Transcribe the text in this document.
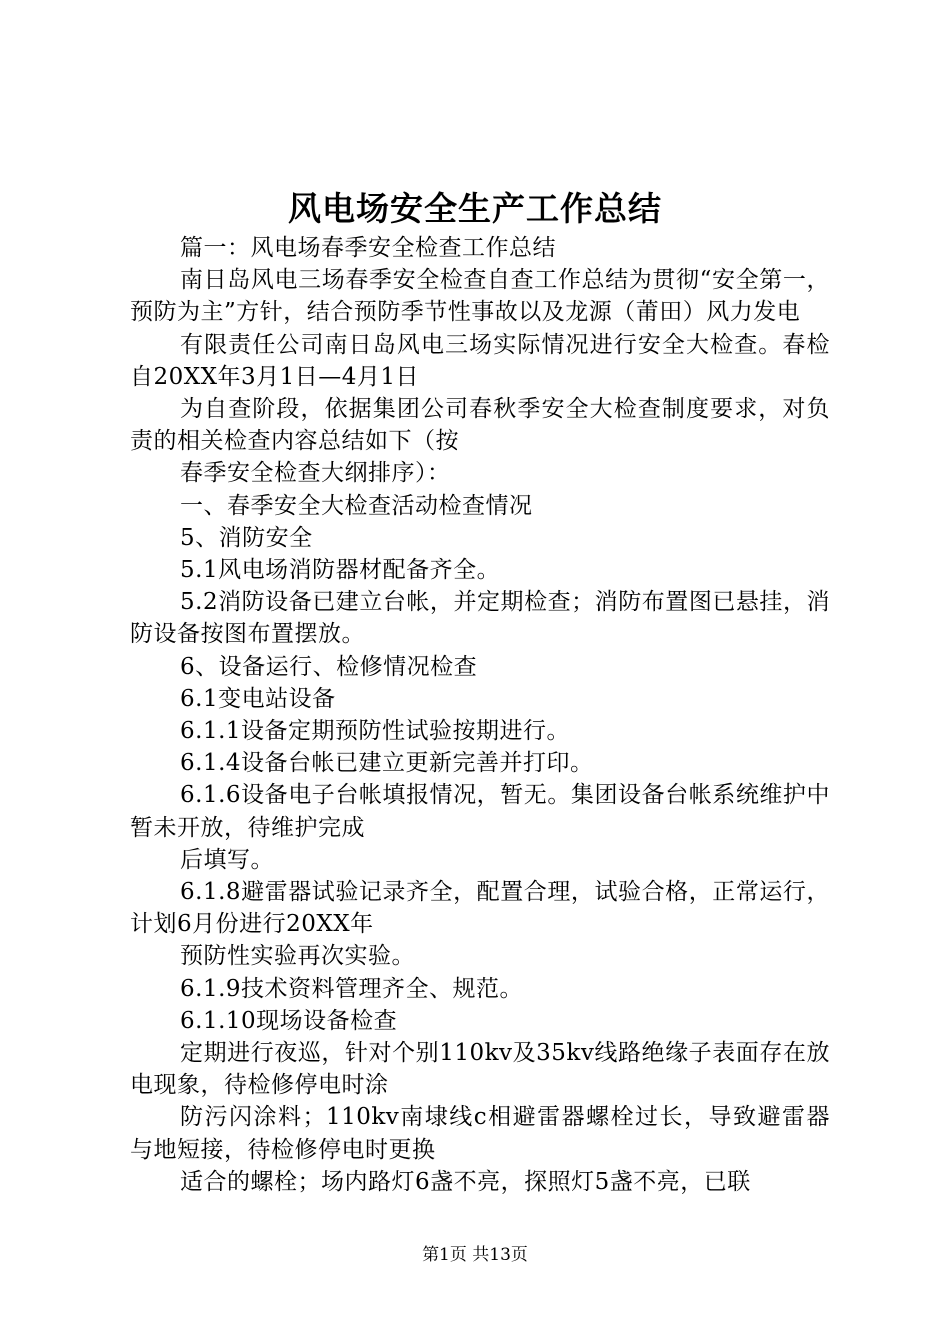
风电场安全生产工作总结

篇一：风电场春季安全检查工作总结

南日岛风电三场春季安全检查自查工作总结为贯彻“安全第一，预防为主”方针，结合预防季节性事故以及龙源（莆田）风力发电

有限责任公司南日岛风电三场实际情况进行安全大检查。春检自20XX年3月1日—4月1日

为自查阶段，依据集团公司春秋季安全大检查制度要求，对负责的相关检查内容总结如下（按

春季安全检查大纲排序）：

一、春季安全大检查活动检查情况

5、消防安全

5.1风电场消防器材配备齐全。

5.2消防设备已建立台帐，并定期检查；消防布置图已悬挂，消防设备按图布置摆放。

6、设备运行、检修情况检查

6.1变电站设备

6.1.1设备定期预防性试验按期进行。

6.1.4设备台帐已建立更新完善并打印。

6.1.6设备电子台帐填报情况，暂无。集团设备台帐系统维护中暂未开放，待维护完成

后填写。

6.1.8避雷器试验记录齐全，配置合理，试验合格，正常运行，计划6月份进行20XX年

预防性实验再次实验。

6.1.9技术资料管理齐全、规范。

6.1.10现场设备检查

定期进行夜巡，针对个别110kv及35kv线路绝缘子表面存在放电现象，待检修停电时涂

防污闪涂料；110kv南埭线c相避雷器螺栓过长，导致避雷器与地短接，待检修停电时更换

适合的螺栓；场内路灯6盏不亮，探照灯5盏不亮，已联

第1页 共13页
